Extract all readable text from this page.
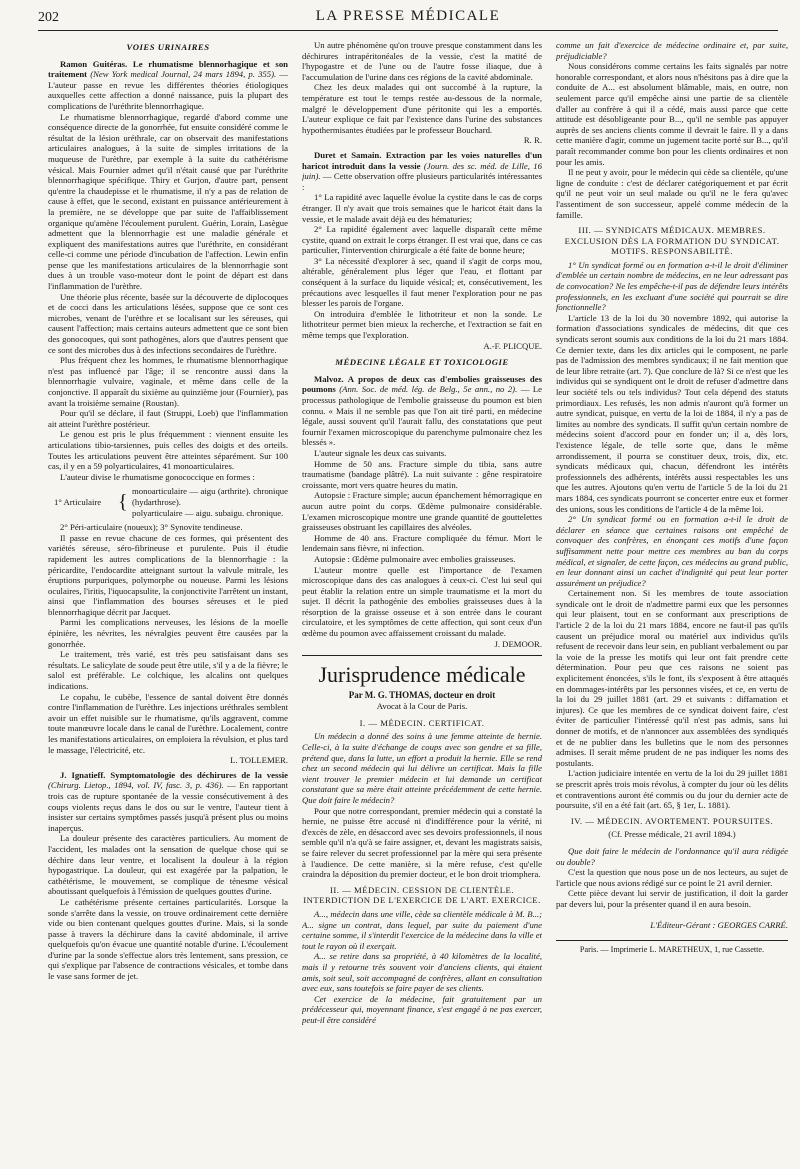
202	LA PRESSE MÉDICALE
VOIES URINAIRES

Ramon Guitéras. Le rhumatisme blennorhagique et son traitement (New York medical Journal, 24 mars 1894, p. 355). — L'auteur passe en revue les différentes théories étiologiques auxquelles cette affection a donné naissance, puis la plupart des complications de l'uréthrite blennorrhagique.

Le rhumatisme blennorrhagique, regardé d'abord comme une conséquence directe de la gonorrhée, fut ensuite considéré comme le résultat de la lésion uréthrale, car on observait des manifestations articulaires analogues, à la suite de simples irritations de la muqueuse de l'urèthre, par exemple à la suite du cathétérisme vésical. Mais Fournier admet qu'il n'était causé que par l'uréthrite blennorrhagique spécifique. Thiry et Gurjon, d'autre part, pensent qu'entre la chaudepisse et le rhumatisme, il n'y a pas de relation de cause à effet, que le second, existant en puissance antérieurement à la première, ne se développe que par suite de l'affaiblissement organique qu'amène l'écoulement purulent. Guérin, Lorain, Lasègue admettent que la blennorrhagie est une maladie générale et expliquent des manifestations autres que l'uréthrite, en considérant celle-ci comme une période d'incubation de l'affection. Lewin enfin pense que les manifestations articulaires de la blennorrhagie sont dues à un trouble vaso-moteur dont le point de départ est dans l'inflammation de l'urèthre.

Une théorie plus récente, basée sur la découverte de diplocoques et de cocci dans les articulations lésées, suppose que ce sont ces microbes, venant de l'urèthre et se localisant sur les séreuses, qui causent l'affection; mais certains auteurs admettent que ce sont bien des gonocoques, qui sont pathogènes, alors que d'autres pensent que ce sont des microbes dus à des infections secondaires de l'urèthre.

Plus fréquent chez les hommes, le rhumatisme blennorrhagique n'est pas influencé par l'âge; il se rencontre aussi dans la blennorrhagie vulvaire, vaginale, et même dans celle de la conjonctive. Il apparaît du sixième au quinzième jour (Fournier), pas avant la troisième semaine (Roustan).

Pour qu'il se déclare, il faut (Struppi, Loeb) que l'inflammation ait atteint l'urèthre postérieur.

Le genou est pris le plus fréquemment : viennent ensuite les articulations tibio-tarsiennes, puis celles des doigts et des orteils. Toutes les articulations peuvent être atteintes séparément. Sur 100 cas, il y en a 59 polyarticulaires, 41 monoarticulaires.

L'auteur divise le rhumatisme gonococcique en formes :

1° Articulaire { monoarticulaire — aigu (arthrite). chronique (hydarthrose).
polyarticulaire — aigu. subaigu. chronique.

2° Péri-articulaire (noueux); 3° Synovite tendineuse.

Il passe en revue chacune de ces formes, qui présentent des variétés séreuse, séro-fibrineuse et purulente. Puis il étudie rapidement les autres complications de la blennorrhagie : la péricardite, l'endocardite atteignant surtout la valvule mitrale, les éruptions purpuriques, polymorphe ou noueuse. Parmi les lésions oculaires, l'iritis, l'iquocapsulite, la conjonctivite l'arrêtent un instant, ainsi que l'inflammation des bourses séreuses et le pied blennorrhagique décrit par Jacquet.

Parmi les complications nerveuses, les lésions de la moelle épinière, les névrites, les névralgies peuvent être causées par la gonorrhée.

Le traitement, très varié, est très peu satisfaisant dans ses résultats. Le salicylate de soude peut être utile, s'il y a de la fièvre; le salol est préférable. Le colchique, les alcalins ont quelques indications.

Le copahu, le cubèbe, l'essence de santal doivent être donnés contre l'inflammation de l'urèthre. Les injections uréthrales semblent avoir un effet nuisible sur le rhumatisme, qu'ils aggravent, comme toute manœuvre locale dans le canal de l'urèthre. Localement, contre les manifestations articulaires, on emploiera la révulsion, et plus tard le massage, l'électricité, etc.

L. TOLLEMER.

J. Ignatieff. Symptomatologie des déchirures de la vessie (Chirurg. Lietop., 1894, vol. IV, fasc. 3, p. 436). — En rapportant trois cas de rupture spontanée de la vessie consécutivement à des coups violents reçus dans le dos ou sur le ventre, l'auteur tient à insister sur certains symptômes passés jusqu'à présent plus ou moins inaperçus.

La douleur présente des caractères particuliers. Au moment de l'accident, les malades ont la sensation de quelque chose qui se déchire dans leur ventre, et localisent la douleur à la région hypogastrique. La douleur, qui est exagérée par la palpation, le cathétérisme, le mouvement, se complique de ténesme vésical aboutissant quelquefois à l'émission de quelques gouttes d'urine.

Le cathétérisme présente certaines particularités. Lorsque la sonde s'arrête dans la vessie, on trouve ordinairement cette dernière vide ou bien contenant quelques gouttes d'urine. Mais, si la sonde passe à travers la déchirure dans la cavité abdominale, il arrive quelquefois qu'on évacue une quantité notable d'urine. L'écoulement d'urine par la sonde s'effectue alors très lentement, sans pression, ce qui s'explique par l'absence de contractions vésicales, et tombe dans le vase sans former de jet.

Un autre phénomène qu'on trouve presque constamment dans les déchirures intrapéritonéales de la vessie, c'est la matité de l'hypogastre et de l'une ou de l'autre fosse iliaque, due à l'accumulation de l'urine dans ces régions de la cavité abdominale.

Chez les deux malades qui ont succombé à la rupture, la température est tout le temps restée au-dessous de la normale, malgré le développement d'une péritonite qui les a emportés. L'auteur explique ce fait par l'existence dans l'urine des substances hypothermisantes étudiées par le professeur Bouchard.

R. R.

Duret et Samain. Extraction par les voies naturelles d'un haricot introduit dans la vessie (Journ. des sc. méd. de Lille, 16 juin). — Cette observation offre plusieurs particularités intéressantes :

1° La rapidité avec laquelle évolue la cystite dans le cas de corps étranger. Il n'y avait que trois semaines que le haricot était dans la vessie, et le malade avait déjà eu des hématuries;

2° La rapidité également avec laquelle disparaît cette même cystite, quand on extrait le corps étranger. Il est vrai que, dans ce cas particulier, l'intervention chirurgicale a été faite de bonne heure;

3° La nécessité d'explorer à sec, quand il s'agit de corps mou, altérable, généralement plus léger que l'eau, et flottant par conséquent à la surface du liquide vésical; et, consécutivement, les précautions avec lesquelles il faut mener l'exploration pour ne pas blesser les parois de l'organe.

On introduira d'emblée le lithotriteur et non la sonde. Le lithotriteur permet bien mieux la recherche, et l'extraction se fait en même temps que l'exploration.

A.-F. PLICQUE.
MÉDECINE LÉGALE ET TOXICOLOGIE

Malvoz. A propos de deux cas d'embolies graisseuses des poumons (Ann. Soc. de méd. lég. de Belg., 5e ann., no 2). — Le processus pathologique de l'embolie graisseuse du poumon est bien connu. « Mais il ne semble pas que l'on ait tiré parti, en médecine légale, aussi souvent qu'il l'aurait fallu, des constatations que peut fournir l'examen microscopique du parenchyme pulmonaire chez les blessés ».

L'auteur signale les deux cas suivants.

Homme de 50 ans. Fracture simple du tibia, sans autre traumatisme (bandage plâtré). La nuit suivante : gêne respiratoire croissante, mort vers quatre heures du matin.

Autopsie : Fracture simple; aucun épanchement hémorragique en aucun autre point du corps. Œdème pulmonaire considérable. L'examen microscopique montre une grande quantité de gouttelettes graisseuses obstruant les capillaires des alvéoles.

Homme de 40 ans. Fracture compliquée du fémur. Mort le lendemain sans fièvre, ni infection.

Autopsie : Œdème pulmonaire avec embolies graisseuses.

L'auteur montre quelle est l'importance de l'examen microscopique dans des cas analogues à ceux-ci. C'est lui seul qui peut établir la relation entre un simple traumatisme et la mort du sujet. Il décrit la pathogénie des embolies graisseuses dues à la résorption de la graisse osseuse et à son entrée dans le courant circulatoire, et les symptômes de cette affection, qui sont ceux d'un œdème du poumon avec affaissement croissant du malade.

J. DEMOOR.
Jurisprudence médicale
Par M. G. THOMAS, docteur en droit
Avocat à la Cour de Paris.
I. — MÉDECIN. CERTIFICAT.

Un médecin a donné des soins à une femme atteinte de hernie. Celle-ci, à la suite d'échange de coups avec son gendre et sa fille, prétend que, dans la lutte, un effort a produit la hernie. Elle se rend chez un second médecin qui lui délivre un certificat. Mais la fille vient trouver le premier médecin et lui demande un certificat constatant que sa mère était atteinte précédemment de cette hernie. Que doit faire le médecin?

Pour que notre correspondant, premier médecin qui a constaté la hernie, ne puisse être accusé ni d'indifférence pour la vérité, ni d'excès de zèle, en désaccord avec ses devoirs professionnels, il nous semble qu'il n'a qu'à se faire assigner, et, devant les magistrats saisis, se faire relever du secret professionnel par la mère qui sera présente à l'audience. De cette manière, si la mère refuse, c'est qu'elle craindra la déposition du premier docteur, et le bon droit triomphera.

II. — MÉDECIN. CESSION DE CLIENTÈLE. INTERDICTION DE L'EXERCICE DE L'ART. EXERCICE.

A..., médecin dans une ville, cède sa clientèle médicale à M. B...; A... signe un contrat, dans lequel, par suite du paiement d'une certaine somme, il s'interdit l'exercice de la médecine dans la ville et tout le rayon où il exerçait.

A... se retire dans sa propriété, à 40 kilomètres de la localité, mais il y retourne très souvent voir d'anciens clients, qui étaient amis, soit seul, soit accompagné de confrères, allant en consultation avec eux, sans toutefois se faire payer de ses clients.

Cet exercice de la médecine, fait gratuitement par un prédécesseur qui, moyennant finance, s'est engagé à ne pas exercer, peut-il être considéré

comme un fait d'exercice de médecine ordinaire et, par suite, préjudiciable?

Nous considérons comme certains les faits signalés par notre honorable correspondant, et alors nous n'hésitons pas à dire que la conduite de A... est absolument blâmable, mais, en outre, non seulement parce qu'il empêche ainsi une partie de sa clientèle d'aller au confrère à qui il a cédé, mais aussi parce que cette attitude est désobligeante pour B..., qu'il ne semble pas appuyer auprès de ses anciens clients comme il devrait le faire. Il y a dans cette manière d'agir, comme un jugement tacite porté sur B..., qu'il paraît recommander comme bon pour les clients ordinaires et non pour les amis.

Il ne peut y avoir, pour le médecin qui cède sa clientèle, qu'une ligne de conduite : c'est de déclarer catégoriquement et par écrit qu'il ne peut voir un seul malade ou qu'il ne le fera qu'avec l'assentiment de son successeur, appelé comme médecin de la famille.

III. — SYNDICATS MÉDICAUX. MEMBRES. EXCLUSION DÈS LA FORMATION DU SYNDICAT. MOTIFS. RESPONSABILITÉ.

1° Un syndicat formé ou en formation a-t-il le droit d'éliminer d'emblée un certain nombre de médecins, en ne leur adressant pas de convocation? Ne les empêche-t-il pas de défendre leurs intérêts professionnels, en les excluant d'une société qui pourrait se dire fonctionnelle?

L'article 13 de la loi du 30 novembre 1892, qui autorise la formation d'associations syndicales de médecins, dit que ces syndicats seront soumis aux conditions de la loi du 21 mars 1884. Ce dernier texte, dans les dix articles qui le composent, ne parle pas de l'admission des membres syndicaux; il ne fait mention que de leur libre retraite (art. 7). Que conclure de là? Si ce n'est que les individus qui se syndiquent ont le droit de refuser d'admettre dans leur société tels ou tels individus? Tout cela dépend des statuts primordiaux. Les refusés, les non admis n'auront qu'à former un autre syndicat, puisque, en vertu de la loi de 1884, il n'y a pas de limites au nombre des syndicats. Il suffit qu'un certain nombre de médecins soient d'accord pour en fonder un; il a, dès lors, l'existence légale, de telle sorte que, dans le même arrondissement, il pourra se constituer deux, trois, dix, etc. syndicats médicaux qui, chacun, défendront les intérêts professionnels des adhérents, intérêts aussi respectables les uns que les autres. Ajoutons qu'en vertu de l'article 5 de la loi du 21 mars 1884, ces syndicats pourront se concerter entre eux et former des unions, sous les conditions de l'article 4 de la même loi.

2° Un syndicat formé ou en formation a-t-il le droit de déclarer en séance que certaines raisons ont empêché de convoquer des confrères, en énonçant ces motifs d'une façon suffisamment nette pour mettre ces membres au ban du corps médical, et signaler, de cette façon, ces médecins au grand public, en leur donnant ainsi un cachet d'indignité qui peut leur porter assurément un préjudice?

Certainement non. Si les membres de toute association syndicale ont le droit de n'admettre parmi eux que les personnes qui leur plaisent, tout en se conformant aux prescriptions de l'article 2 de la loi du 21 mars 1884, encore ne faut-il pas qu'ils causent un préjudice moral ou matériel aux individus qu'ils refusent de recevoir dans leur sein, en publiant verbalement ou par la voie de la presse les motifs qui leur ont fait prendre cette détermination. Pour peu que ces raisons ne soient pas explicitement énoncées, s'ils le font, ils s'exposent à être attaqués en dommages-intérêts par les personnes visées, et ce, en vertu de la loi du 29 juillet 1881 (art. 29 et suivants : diffamation et injures). Ce que les membres de ce syndicat doivent faire, c'est éviter de particulier l'intéressé qu'il n'est pas admis, sans lui donner de motifs, et de n'annoncer aux assemblées des syndiqués et de ne publier dans les bulletins que le nom des personnes admises. Il serait même prudent de ne pas indiquer les noms des postulants.

L'action judiciaire intentée en vertu de la loi du 29 juillet 1881 se prescrit après trois mois révolus, à compter du jour où les délits et contraventions auront été commis ou du jour du dernier acte de poursuite, s'il en a été fait (art. 65, § 1er, L. 1881).

IV. — MÉDECIN. AVORTEMENT. POURSUITES.
(Cf. Presse médicale, 21 avril 1894.)

Que doit faire le médecin de l'ordonnance qu'il aura rédigée ou double?

C'est la question que nous pose un de nos lecteurs, au sujet de l'article que nous avions rédigé sur ce point le 21 avril dernier.

Cette pièce devant lui servir de justification, il doit la garder par devers lui, pour la présenter quand il en aura besoin.

L'Éditeur-Gérant : GEORGES CARRÉ.
Paris. — Imprimerie L. MARETHEUX, 1, rue Cassette.
